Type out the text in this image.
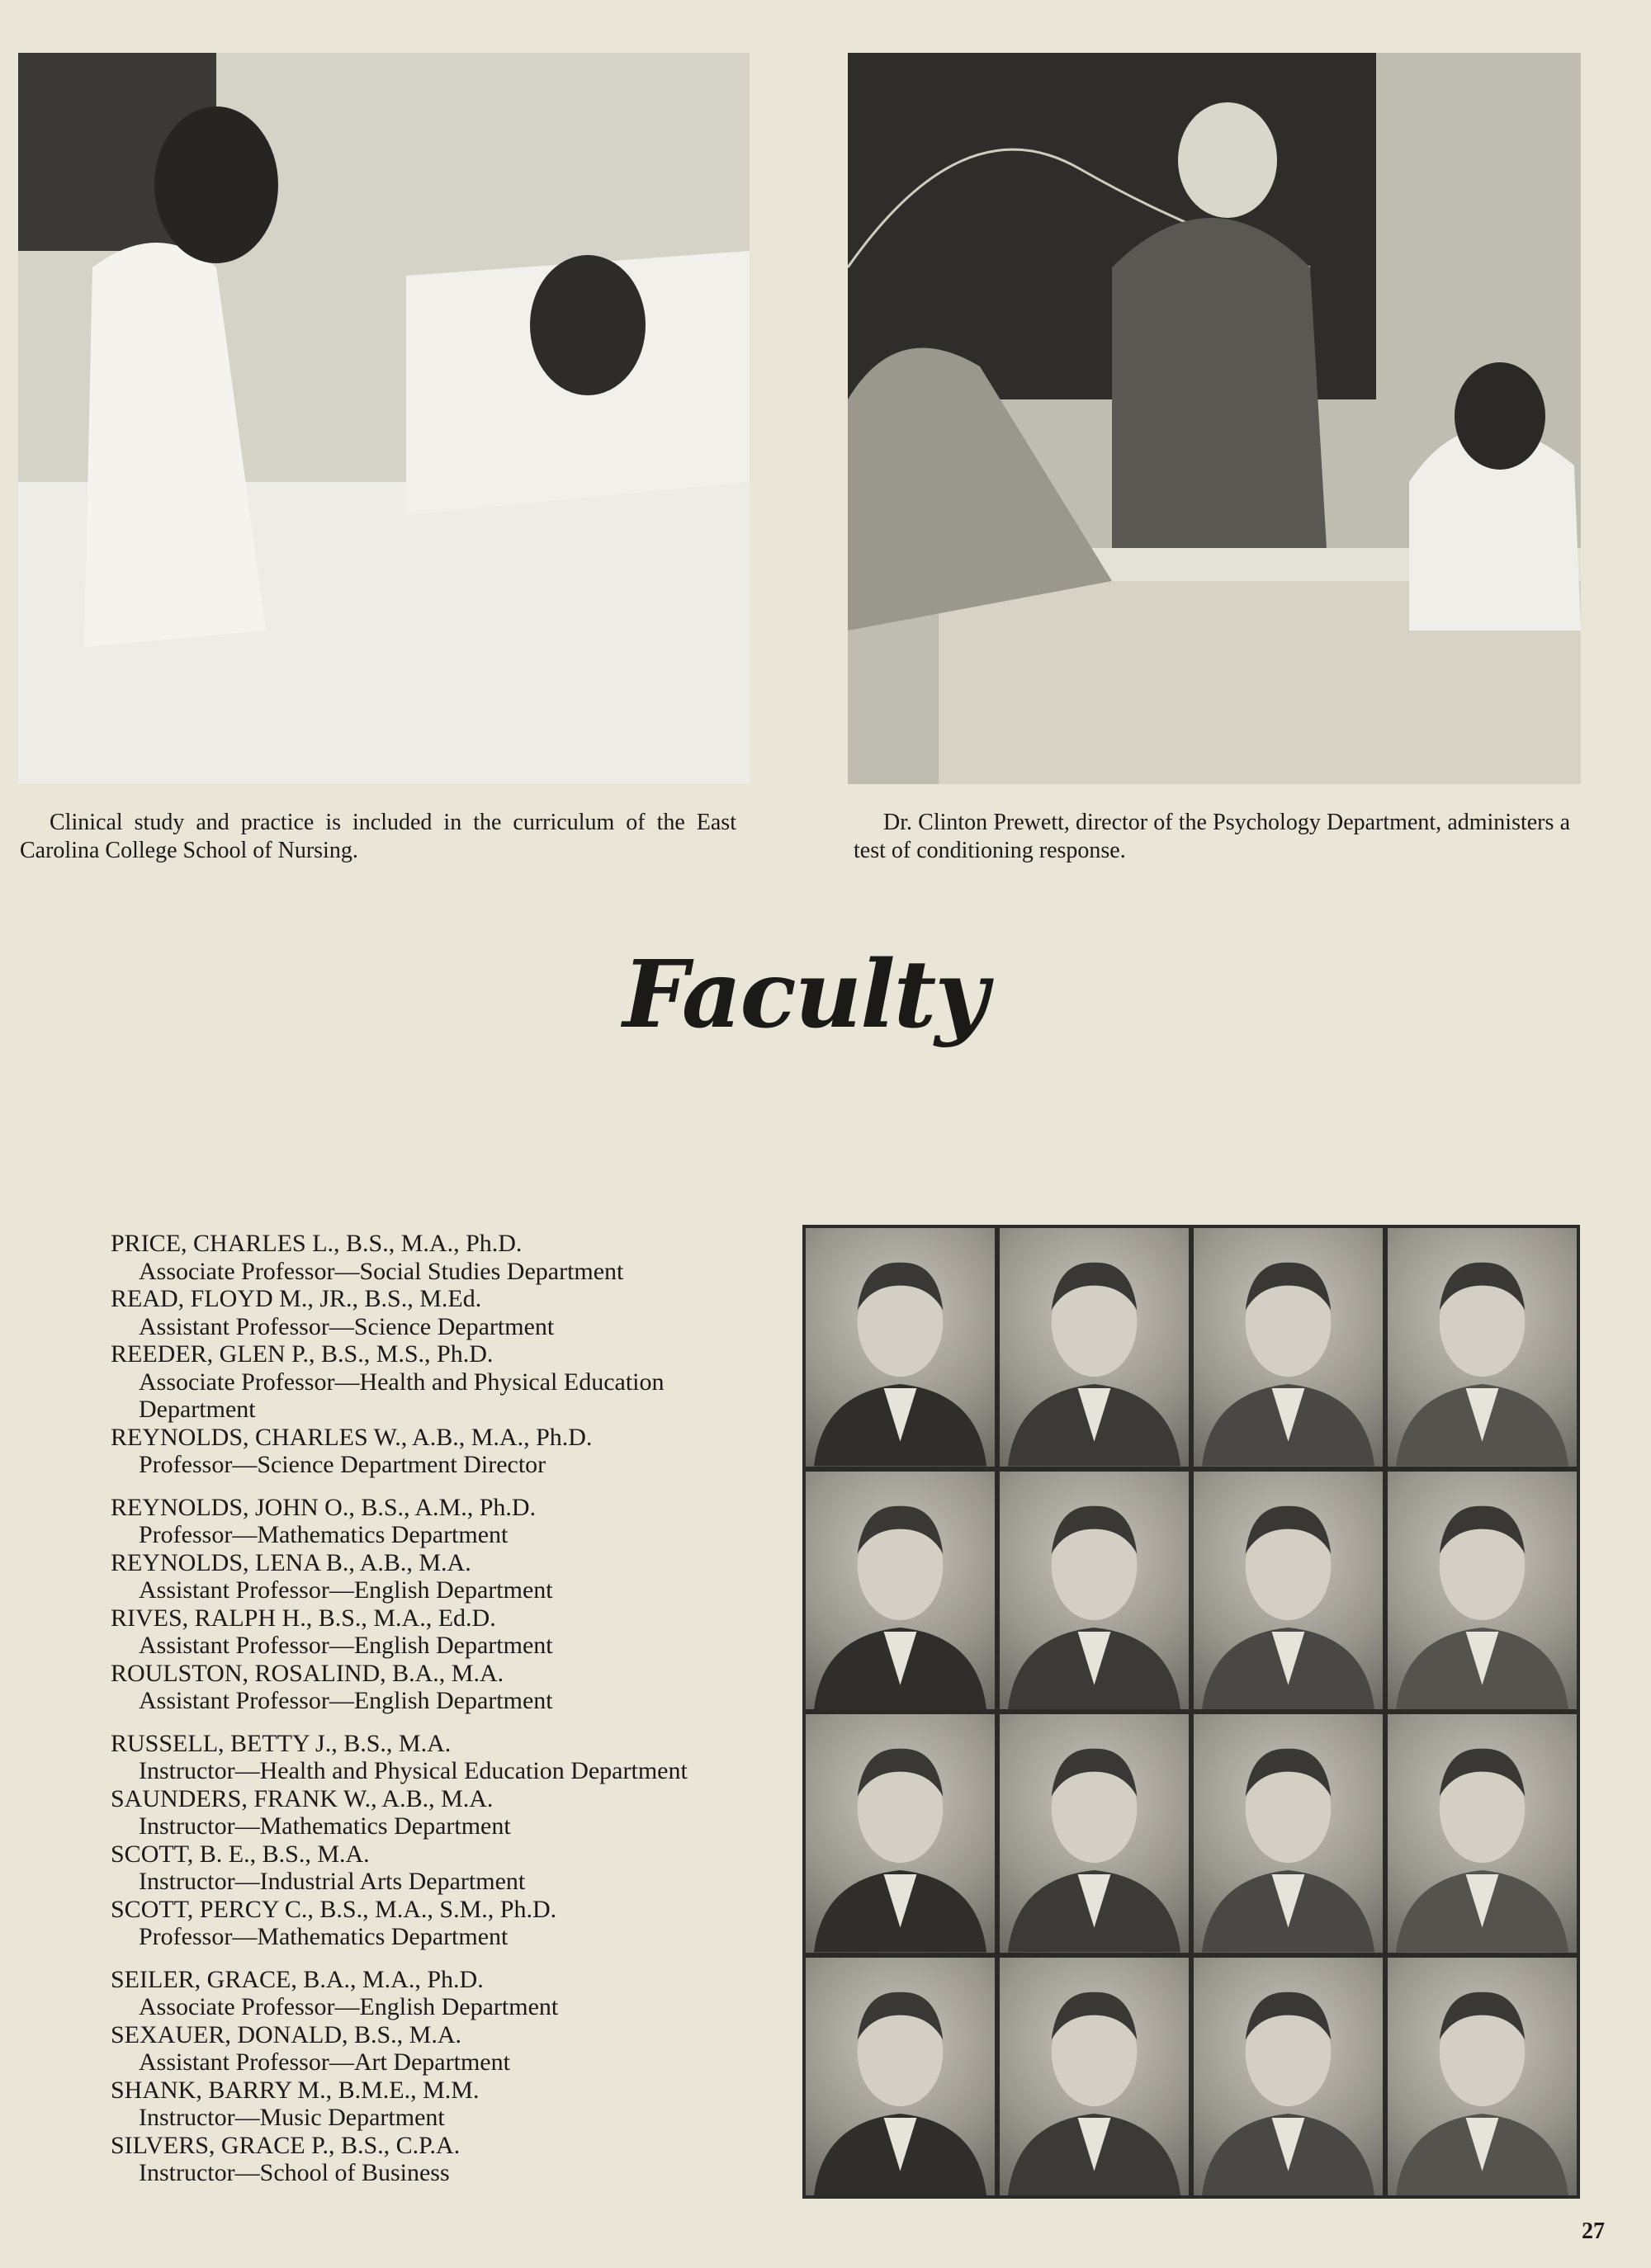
Clinical study and practice is included in the curriculum of the East Carolina College School of Nursing.
Dr. Clinton Prewett, director of the Psychology Department, administers a test of conditioning response.
Faculty
PRICE, CHARLES L., B.S., M.A., Ph.D.
Associate Professor—Social Studies Department
READ, FLOYD M., JR., B.S., M.Ed.
Assistant Professor—Science Department
REEDER, GLEN P., B.S., M.S., Ph.D.
Associate Professor—Health and Physical Education Department
REYNOLDS, CHARLES W., A.B., M.A., Ph.D.
Professor—Science Department Director
REYNOLDS, JOHN O., B.S., A.M., Ph.D.
Professor—Mathematics Department
REYNOLDS, LENA B., A.B., M.A.
Assistant Professor—English Department
RIVES, RALPH H., B.S., M.A., Ed.D.
Assistant Professor—English Department
ROULSTON, ROSALIND, B.A., M.A.
Assistant Professor—English Department
RUSSELL, BETTY J., B.S., M.A.
Instructor—Health and Physical Education Department
SAUNDERS, FRANK W., A.B., M.A.
Instructor—Mathematics Department
SCOTT, B. E., B.S., M.A.
Instructor—Industrial Arts Department
SCOTT, PERCY C., B.S., M.A., S.M., Ph.D.
Professor—Mathematics Department
SEILER, GRACE, B.A., M.A., Ph.D.
Associate Professor—English Department
SEXAUER, DONALD, B.S., M.A.
Assistant Professor—Art Department
SHANK, BARRY M., B.M.E., M.M.
Instructor—Music Department
SILVERS, GRACE P., B.S., C.P.A.
Instructor—School of Business
27
